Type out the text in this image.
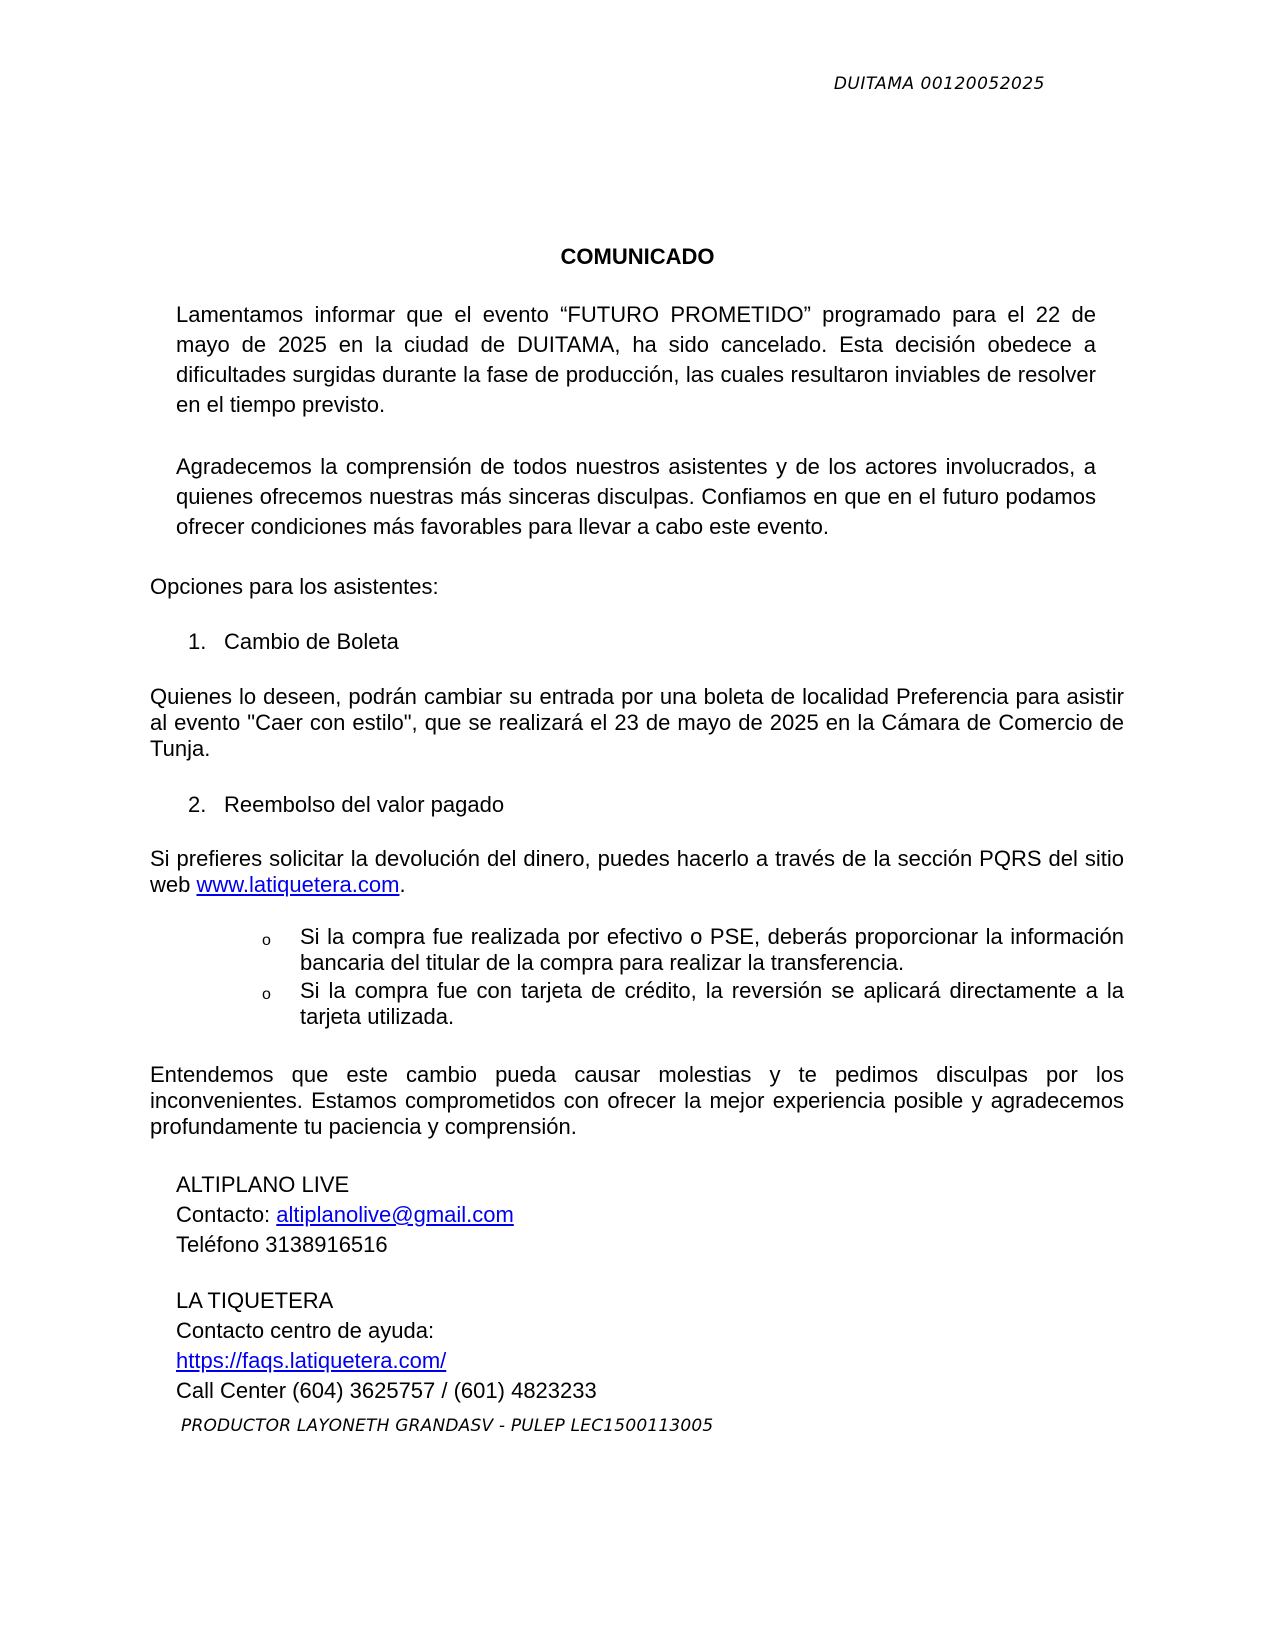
DUITAMA 00120052025
COMUNICADO
Lamentamos informar que el evento “FUTURO PROMETIDO” programado para el 22 de mayo de 2025 en la ciudad de DUITAMA, ha sido cancelado. Esta decisión obedece a dificultades surgidas durante la fase de producción, las cuales resultaron inviables de resolver en el tiempo previsto.
Agradecemos la comprensión de todos nuestros asistentes y de los actores involucrados, a quienes ofrecemos nuestras más sinceras disculpas. Confiamos en que en el futuro podamos ofrecer condiciones más favorables para llevar a cabo este evento.
Opciones para los asistentes:
1. Cambio de Boleta
Quienes lo deseen, podrán cambiar su entrada por una boleta de localidad Preferencia para asistir al evento "Caer con estilo", que se realizará el 23 de mayo de 2025 en la Cámara de Comercio de Tunja.
2. Reembolso del valor pagado
Si prefieres solicitar la devolución del dinero, puedes hacerlo a través de la sección PQRS del sitio web www.latiquetera.com.
o Si la compra fue realizada por efectivo o PSE, deberás proporcionar la información bancaria del titular de la compra para realizar la transferencia.
o Si la compra fue con tarjeta de crédito, la reversión se aplicará directamente a la tarjeta utilizada.
Entendemos que este cambio pueda causar molestias y te pedimos disculpas por los inconvenientes. Estamos comprometidos con ofrecer la mejor experiencia posible y agradecemos profundamente tu paciencia y comprensión.
ALTIPLANO LIVE
Contacto: altiplanolive@gmail.com
Teléfono 3138916516
LA TIQUETERA
Contacto centro de ayuda:
https://faqs.latiquetera.com/
Call Center (604) 3625757 / (601) 4823233
PRODUCTOR LAYONETH GRANDASV - PULEP LEC1500113005
